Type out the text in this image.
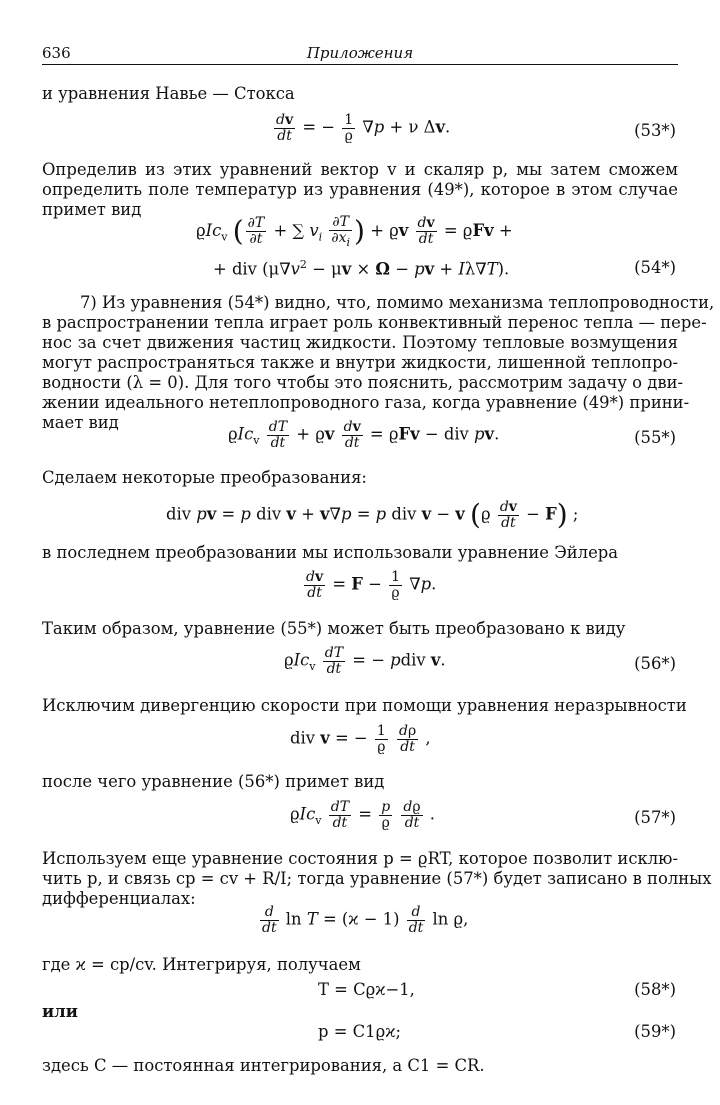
636	Приложения
и уравнения Навье — Стокса
$\frac{dv}{dt}$ = − $\frac{1}{ϱ} \nabla p + \nu$ Δv.	(53*)
Определив из этих уравнений вектор v и скаляр p, мы затем сможем
определить поле температур из уравнения (49*), которое в этом случае
примет вид
ϱIc$_v$ ( $\frac{\partial T}{\partial t}$ + ∑ $v_i \frac{\partial T}{\partial x_i}$ ) + ϱv $\frac{dv}{dt} = ϱFv$ +
+ div ($\mu\nabla v^2 - \mu v \times \Omega$ − pv + Iλ∇T).	(54*)
7) Из уравнения (54*) видно, что, помимо механизма теплопроводности,
в распространении тепла играет роль конвективный перенос тепла — пере-
нос за счет движения частиц жидкости. Поэтому тепловые возмущения
могут распространяться также и внутри жидкости, лишенной теплопро-
водности (λ = 0). Для того чтобы это пояснить, рассмотрим задачу о дви-
жении идеального нетеплопроводного газа, когда уравнение (49*) прини-
мает вид
$ϱIc_v \frac{dT}{dt} + ϱv \frac{dv}{dt} = ϱFv$ − div pv.	(55*)
Сделаем некоторые преобразования:
div pv = p div v + v∇p = p div v − v $(ϱ \frac{dv}{dt} - F)$ ;
в последнем преобразовании мы использовали уравнение Эйлера
$\frac{dv}{dt} = F - \frac{1}{ϱ} \nabla p$.
Таким образом, уравнение (55*) может быть преобразовано к виду
$ϱIc_v \frac{dT}{dt}$ = − pdiv v.	(56*)
Исключим дивергенцию скорости при помощи уравнения неразрывности
div v = − $\frac{1}{ϱ}$
$\frac{d\rho}{dt}$ ,
после чего уравнение (56*) примет вид
$ϱIc_v \frac{dT}{dt} = \frac{p}{ϱ}$
$\frac{dϱ}{dt}$ .	(57*)
Используем еще уравнение состояния p = ϱRT, которое позволит исклю-
чить p, и связь cp = cv + R/I; тогда уравнение (57*) будет записано в полных
дифференциалах:
$\frac{d}{dt}$ $\ln T = (ϰ - 1) \frac{d}{dt}$ ln ϱ,
где ϰ = cp/cv. Интегрируя, получаем
T = Cϱϰ−1,	(58*)
или
p = C1ϱϰ;	(59*)
здесь C — постоянная интегрирования, а C1 = CR.
